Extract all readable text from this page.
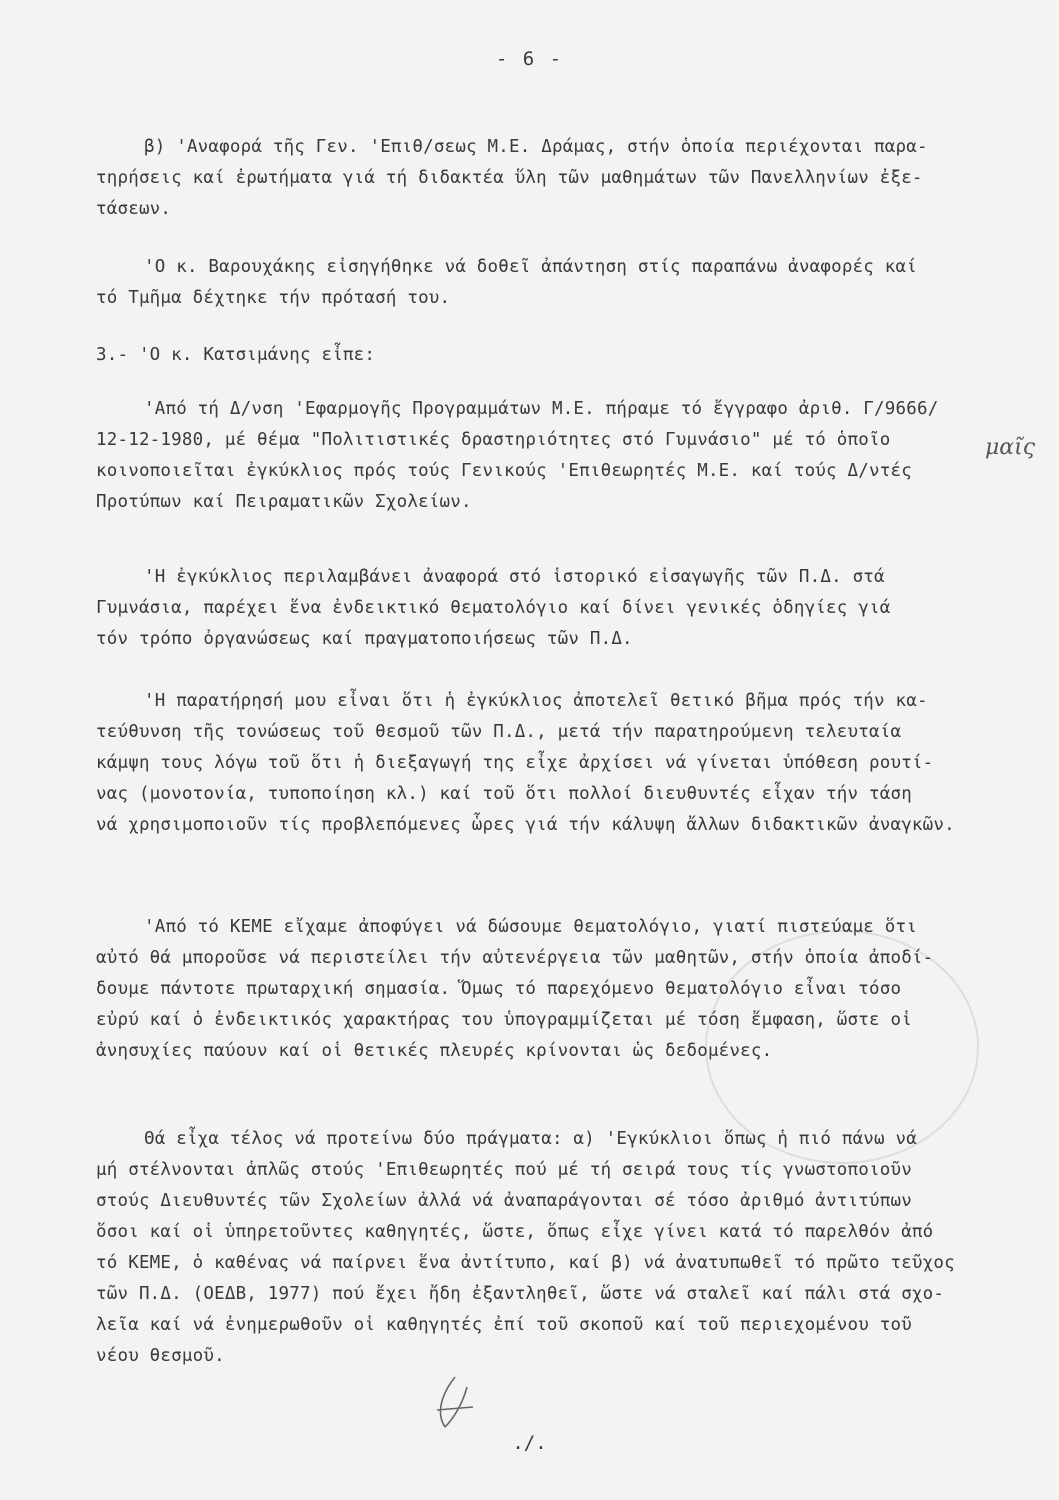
- 6 -
β) 'Αναφορά τῆς Γεν. 'Επιθ/σεως Μ.Ε. Δράμας, στήν ὁποία περιέχονται παρα-
τηρήσεις καί ἐρωτήματα γιά τή διδακτέα ὕλη τῶν μαθημάτων τῶν Πανελληνίων ἐξε-
τάσεων.
'Ο κ. Βαρουχάκης εἰσηγήθηκε νά δοθεῖ ἀπάντηση στίς παραπάνω ἀναφορές καί
τό Τμῆμα δέχτηκε τήν πρότασή του.
3.- 'Ο κ. Κατσιμάνης εἶπε:
'Από τή Δ/νση 'Εφαρμογῆς Προγραμμάτων Μ.Ε. πήραμε τό ἔγγραφο ἀριθ. Γ/9666/
12-12-1980, μέ θέμα "Πολιτιστικές δραστηριότητες στό Γυμνάσιο" μέ τό ὁποῖο
κοινοποιεῖται ἐγκύκλιος πρός τούς Γενικούς 'Επιθεωρητές Μ.Ε. καί τούς Δ/ντές
Προτύπων καί Πειραματικῶν Σχολείων.
μαῖς
'Η ἐγκύκλιος περιλαμβάνει ἀναφορά στό ἱστορικό εἰσαγωγῆς τῶν Π.Δ. στά
Γυμνάσια, παρέχει ἕνα ἐνδεικτικό θεματολόγιο καί δίνει γενικές ὁδηγίες γιά
τόν τρόπο ὀργανώσεως καί πραγματοποιήσεως τῶν Π.Δ.
'Η παρατήρησή μου εἶναι ὅτι ἡ ἐγκύκλιος ἀποτελεῖ θετικό βῆμα πρός τήν κα-
τεύθυνση τῆς τονώσεως τοῦ θεσμοῦ τῶν Π.Δ., μετά τήν παρατηρούμενη τελευταία
κάμψη τους λόγω τοῦ ὅτι ἡ διεξαγωγή της εἶχε ἀρχίσει νά γίνεται ὑπόθεση ρουτί-
νας (μονοτονία, τυποποίηση κλ.) καί τοῦ ὅτι πολλοί διευθυντές εἶχαν τήν τάση
νά χρησιμοποιοῦν τίς προβλεπόμενες ὧρες γιά τήν κάλυψη ἄλλων διδακτικῶν ἀναγκῶν.
'Από τό ΚΕΜΕ εἴχαμε ἀποφύγει νά δώσουμε θεματολόγιο, γιατί πιστεύαμε ὅτι
αὐτό θά μποροῦσε νά περιστείλει τήν αὐτενέργεια τῶν μαθητῶν, στήν ὁποία ἀποδί-
δουμε πάντοτε πρωταρχική σημασία. Ὅμως τό παρεχόμενο θεματολόγιο εἶναι τόσο
εὐρύ καί ὁ ἐνδεικτικός χαρακτήρας του ὑπογραμμίζεται μέ τόση ἔμφαση, ὥστε οἱ
ἀνησυχίες παύουν καί οἱ θετικές πλευρές κρίνονται ὡς δεδομένες.
Θά εἶχα τέλος νά προτείνω δύο πράγματα: α) 'Εγκύκλιοι ὅπως ἡ πιό πάνω νά
μή στέλνονται ἁπλῶς στούς 'Επιθεωρητές πού μέ τή σειρά τους τίς γνωστοποιοῦν
στούς Διευθυντές τῶν Σχολείων ἀλλά νά ἀναπαράγονται σέ τόσο ἀριθμό ἀντιτύπων
ὅσοι καί οἱ ὑπηρετοῦντες καθηγητές, ὥστε, ὅπως εἶχε γίνει κατά τό παρελθόν ἀπό
τό ΚΕΜΕ, ὁ καθένας νά παίρνει ἕνα ἀντίτυπο, καί β) νά ἀνατυπωθεῖ τό πρῶτο τεῦχος
τῶν Π.Δ. (ΟΕΔΒ, 1977) πού ἔχει ἤδη ἐξαντληθεῖ, ὥστε νά σταλεῖ καί πάλι στά σχο-
λεῖα καί νά ἐνημερωθοῦν οἱ καθηγητές ἐπί τοῦ σκοποῦ καί τοῦ περιεχομένου τοῦ
νέου θεσμοῦ.
./.
